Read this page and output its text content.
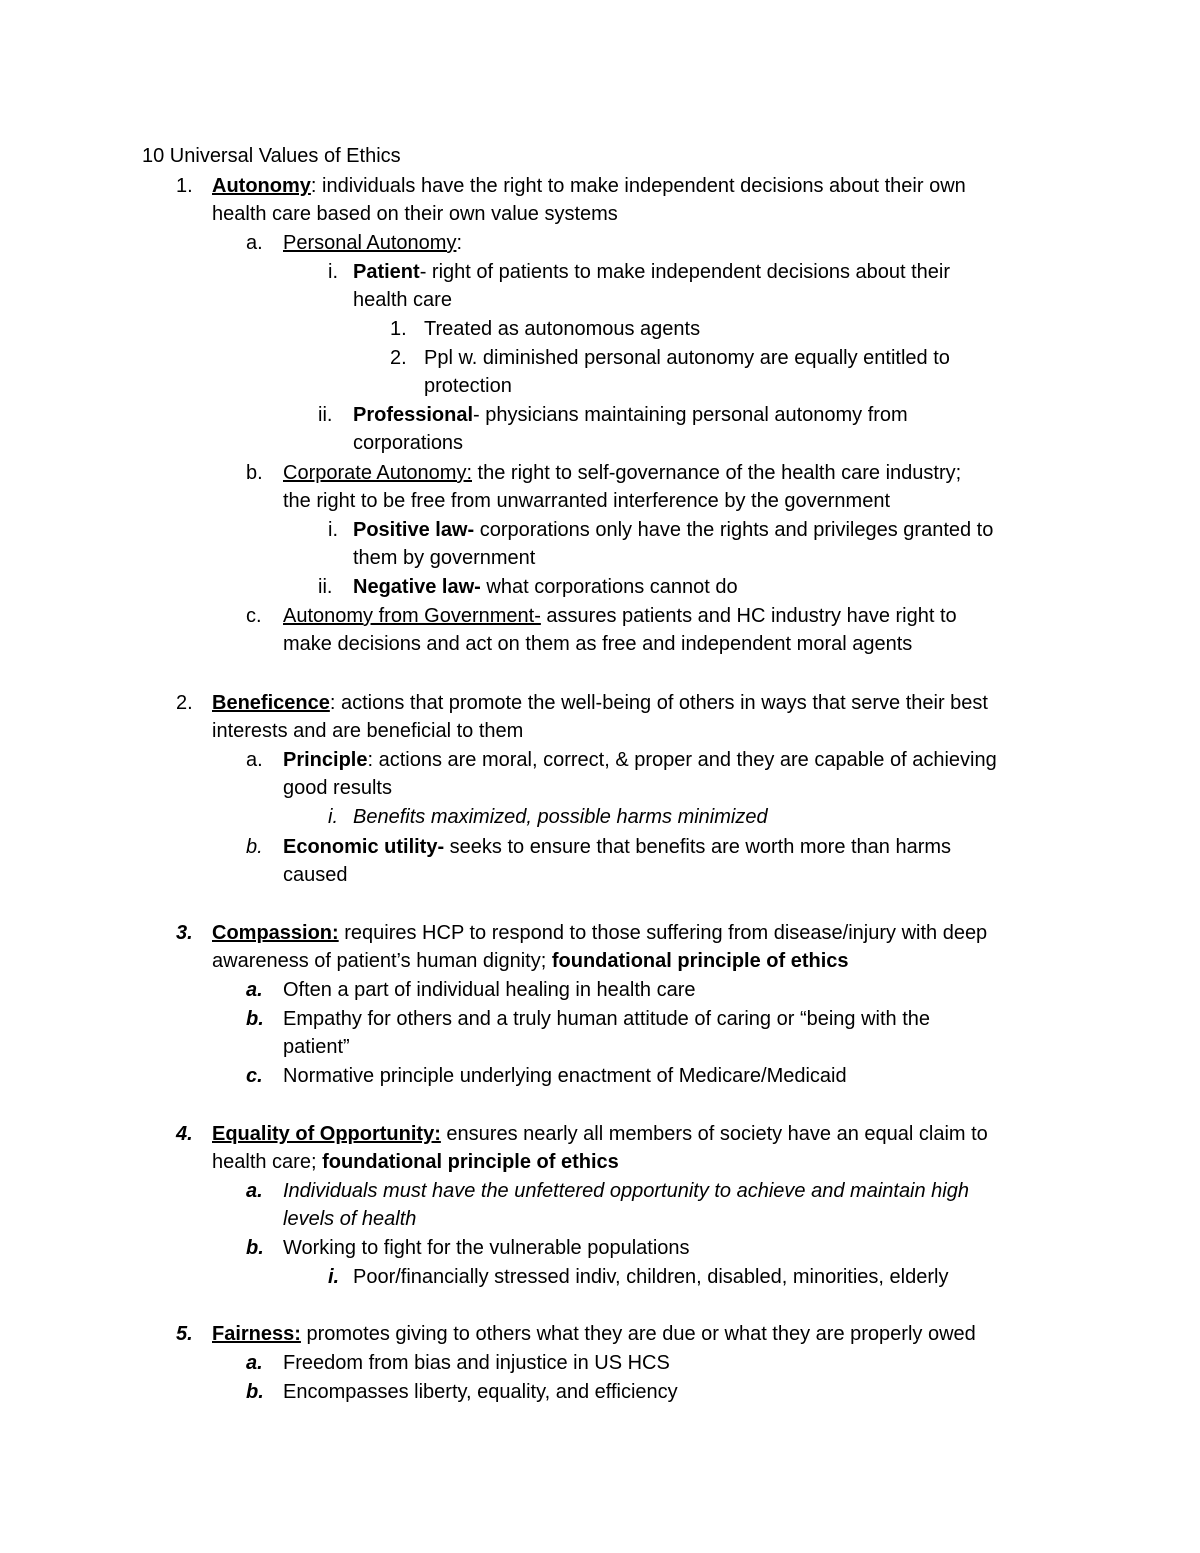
10 Universal Values of Ethics
1. Autonomy: individuals have the right to make independent decisions about their own
health care based on their own value systems
a. Personal Autonomy:
i. Patient- right of patients to make independent decisions about their
health care
1. Treated as autonomous agents
2. Ppl w. diminished personal autonomy are equally entitled to
protection
ii. Professional- physicians maintaining personal autonomy from
corporations
b. Corporate Autonomy: the right to self-governance of the health care industry;
the right to be free from unwarranted interference by the government
i. Positive law- corporations only have the rights and privileges granted to
them by government
ii. Negative law- what corporations cannot do
c. Autonomy from Government- assures patients and HC industry have right to
make decisions and act on them as free and independent moral agents
2. Beneficence: actions that promote the well-being of others in ways that serve their best
interests and are beneficial to them
a. Principle: actions are moral, correct, & proper and they are capable of achieving
good results
i. Benefits maximized, possible harms minimized
b. Economic utility- seeks to ensure that benefits are worth more than harms
caused
3. Compassion: requires HCP to respond to those suffering from disease/injury with deep
awareness of patient’s human dignity; foundational principle of ethics
a. Often a part of individual healing in health care
b. Empathy for others and a truly human attitude of caring or “being with the
patient”
c. Normative principle underlying enactment of Medicare/Medicaid
4. Equality of Opportunity: ensures nearly all members of society have an equal claim to
health care; foundational principle of ethics
a. Individuals must have the unfettered opportunity to achieve and maintain high
levels of health
b. Working to fight for the vulnerable populations
i. Poor/financially stressed indiv, children, disabled, minorities, elderly
5. Fairness: promotes giving to others what they are due or what they are properly owed
a. Freedom from bias and injustice in US HCS
b. Encompasses liberty, equality, and efficiency
